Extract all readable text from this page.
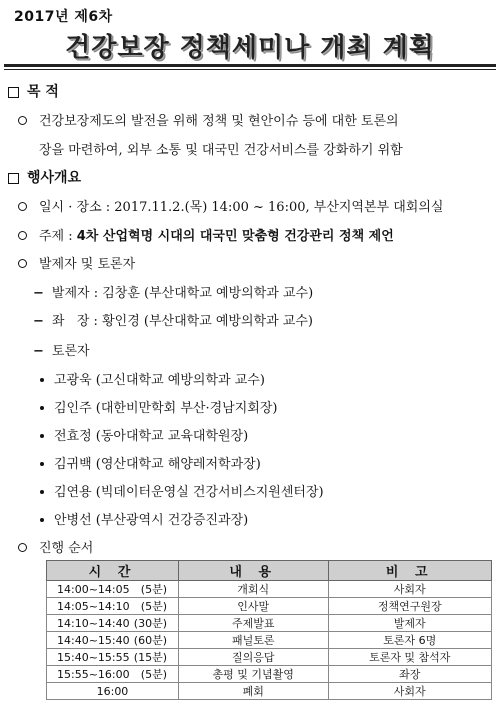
2017년 제6차
건강보장 정책세미나 개최 계획
목 적
건강보장제도의 발전을 위해 정책 및 현안이슈 등에 대한 토론의
장을 마련하여, 외부 소통 및 대국민 건강서비스를 강화하기 위함
행사개요
일시 · 장소 : 2017.11.2.(목) 14:00 ~ 16:00, 부산지역본부 대회의실
주제 : 4차 산업혁명 시대의 대국민 맞춤형 건강관리 정책 제언
발제자 및 토론자
− 발제자 : 김창훈 (부산대학교 예방의학과 교수)
− 좌   장 : 황인경 (부산대학교 예방의학과 교수)
− 토론자
고광욱 (고신대학교 예방의학과 교수)
김인주 (대한비만학회 부산·경남지회장)
전효정 (동아대학교 교육대학원장)
김귀백 (영산대학교 해양레저학과장)
김연용 (빅데이터운영실 건강서비스지원센터장)
안병선 (부산광역시 건강증진과장)
진행 순서
시 간	내 용	비 고
14:00~14:05 (5분)	개회식	사회자
14:05~14:10 (5분)	인사말	정책연구원장
14:10~14:40 (30분)	주제발표	발제자
14:40~15:40 (60분)	패널토론	토론자 6명
15:40~15:55 (15분)	질의응답	토론자 및 참석자
15:55~16:00 (5분)	총평 및 기념촬영	좌장
16:00	폐회	사회자
